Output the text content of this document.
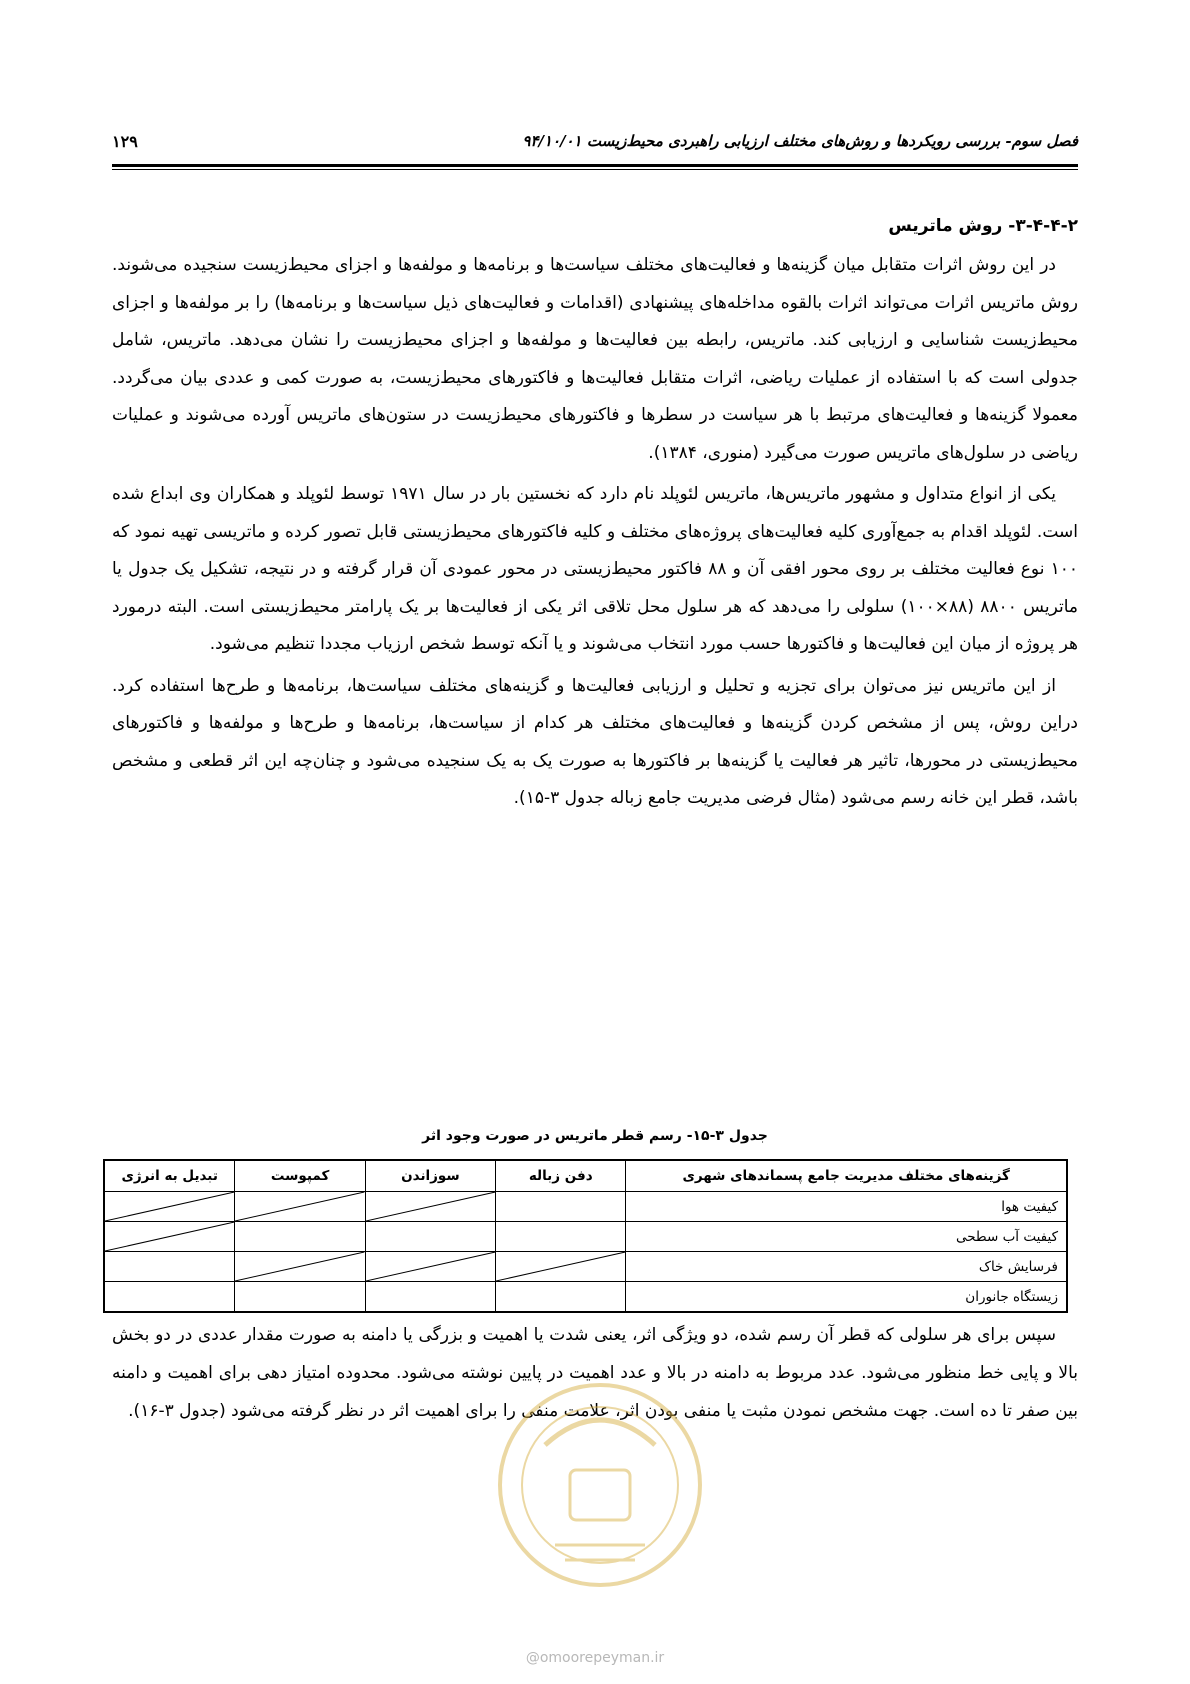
فصل سوم- بررسی رویکردها و روش‌های مختلف ارزیابی راهبردی محیط‌زیست ۹۴/۱۰/۰۱
۱۲۹
۳-۴-۴-۲- روش ماتریس

در این روش اثرات متقابل میان گزینه‌ها و فعالیت‌های مختلف سیاست‌ها و برنامه‌ها و مولفه‌ها و اجزای محیط‌زیست سنجیده می‌شوند. روش ماتریس اثرات می‌تواند اثرات بالقوه مداخله‌های پیشنهادی (اقدامات و فعالیت‌های ذیل سیاست‌ها و برنامه‌ها) را بر مولفه‌ها و اجزای محیط‌زیست شناسایی و ارزیابی کند. ماتریس، رابطه بین فعالیت‌ها و مولفه‌ها و اجزای محیط‌زیست را نشان می‌دهد. ماتریس، شامل جدولی است که با استفاده از عملیات ریاضی، اثرات متقابل فعالیت‌ها و فاکتورهای محیط‌زیست، به صورت کمی و عددی بیان می‌گردد. معمولا گزینه‌ها و فعالیت‌های مرتبط با هر سیاست در سطرها و فاکتورهای محیط‌زیست در ستون‌های ماتریس آورده می‌شوند و عملیات ریاضی در سلول‌های ماتریس صورت می‌گیرد (منوری، ۱۳۸۴).

یکی از انواع متداول و مشهور ماتریس‌ها، ماتریس لئوپلد نام دارد که نخستین بار در سال ۱۹۷۱ توسط لئوپلد و همکاران وی ابداع شده است. لئوپلد اقدام به جمع‌آوری کلیه فعالیت‌های پروژه‌های مختلف و کلیه فاکتورهای محیط‌زیستی قابل تصور کرده و ماتریسی تهیه نمود که ۱۰۰ نوع فعالیت مختلف بر روی محور افقی آن و ۸۸ فاکتور محیط‌زیستی در محور عمودی آن قرار گرفته و در نتیجه، تشکیل یک جدول یا ماتریس ۸۸۰۰ (۸۸×۱۰۰) سلولی را می‌دهد که هر سلول محل تلاقی اثر یکی از فعالیت‌ها بر یک پارامتر محیط‌زیستی است. البته درمورد هر پروژه از میان این فعالیت‌ها و فاکتورها حسب مورد انتخاب می‌شوند و یا آنکه توسط شخص ارزیاب مجددا تنظیم می‌شود.

از این ماتریس نیز می‌توان برای تجزیه و تحلیل و ارزیابی فعالیت‌ها و گزینه‌های مختلف سیاست‌ها، برنامه‌ها و طرح‌ها استفاده کرد. دراین روش، پس از مشخص کردن گزینه‌ها و فعالیت‌های مختلف هر کدام از سیاست‌ها، برنامه‌ها و طرح‌ها و مولفه‌ها و فاکتورهای محیط‌زیستی در محورها، تاثیر هر فعالیت یا گزینه‌ها بر فاکتورها به صورت یک به یک سنجیده می‌شود و چنان‌چه این اثر قطعی و مشخص باشد، قطر این خانه رسم می‌شود (مثال فرضی مدیریت جامع زباله جدول ۳-۱۵).

جدول ۳-۱۵- رسم قطر ماتریس در صورت وجود اثر
گزینه‌های مختلف مدیریت جامع پسماندهای شهری	دفن زباله	سوزاندن	کمپوست	تبدیل به انرژی
کیفیت هوا		

کیفیت آب سطحی				

فرسایش خاک	

زیستگاه جانوران				

سپس برای هر سلولی که قطر آن رسم شده، دو ویژگی اثر، یعنی شدت یا اهمیت و بزرگی یا دامنه به صورت مقدار عددی در دو بخش بالا و پایی خط منظور می‌شود. عدد مربوط به دامنه در بالا و عدد اهمیت در پایین نوشته می‌شود. محدوده امتیاز دهی برای اهمیت و دامنه بین صفر تا ده است. جهت مشخص نمودن مثبت یا منفی بودن اثر، علامت منفی را برای اهمیت اثر در نظر گرفته می‌شود (جدول ۳-۱۶).

@omoorepeyman.ir
